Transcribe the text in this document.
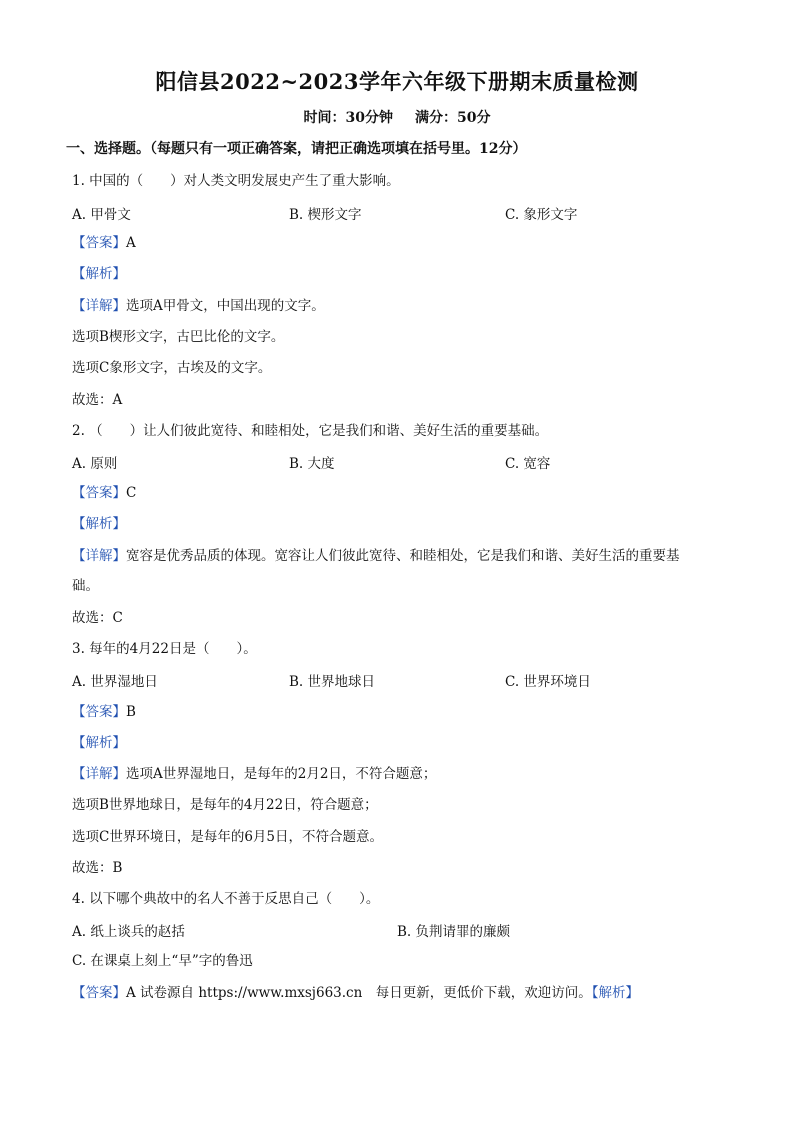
阳信县2022~2023学年六年级下册期末质量检测
时间：30分钟 满分：50分
一、选择题。（每题只有一项正确答案，请把正确选项填在括号里。12分）
1. 中国的（　　）对人类文明发展史产生了重大影响。
A. 甲骨文	B. 楔形文字	C. 象形文字
【答案】A
【解析】
【详解】选项A甲骨文，中国出现的文字。
选项B楔形文字，古巴比伦的文字。
选项C象形文字，古埃及的文字。
故选：A
2. （　　）让人们彼此宽待、和睦相处，它是我们和谐、美好生活的重要基础。
A. 原则	B. 大度	C. 宽容
【答案】C
【解析】
【详解】宽容是优秀品质的体现。宽容让人们彼此宽待、和睦相处，它是我们和谐、美好生活的重要基
础。
故选：C
3. 每年的4月22日是（　　）。
A. 世界湿地日	B. 世界地球日	C. 世界环境日
【答案】B
【解析】
【详解】选项A世界湿地日，是每年的2月2日，不符合题意；
选项B世界地球日，是每年的4月22日，符合题意；
选项C世界环境日，是每年的6月5日，不符合题意。
故选：B
4. 以下哪个典故中的名人不善于反思自己（　　）。
A. 纸上谈兵的赵括	B. 负荆请罪的廉颇
C. 在课桌上刻上“早”字的鲁迅
【答案】A 试卷源自 https://www.mxsj663.cn　每日更新，更低价下载，欢迎访问。【解析】
